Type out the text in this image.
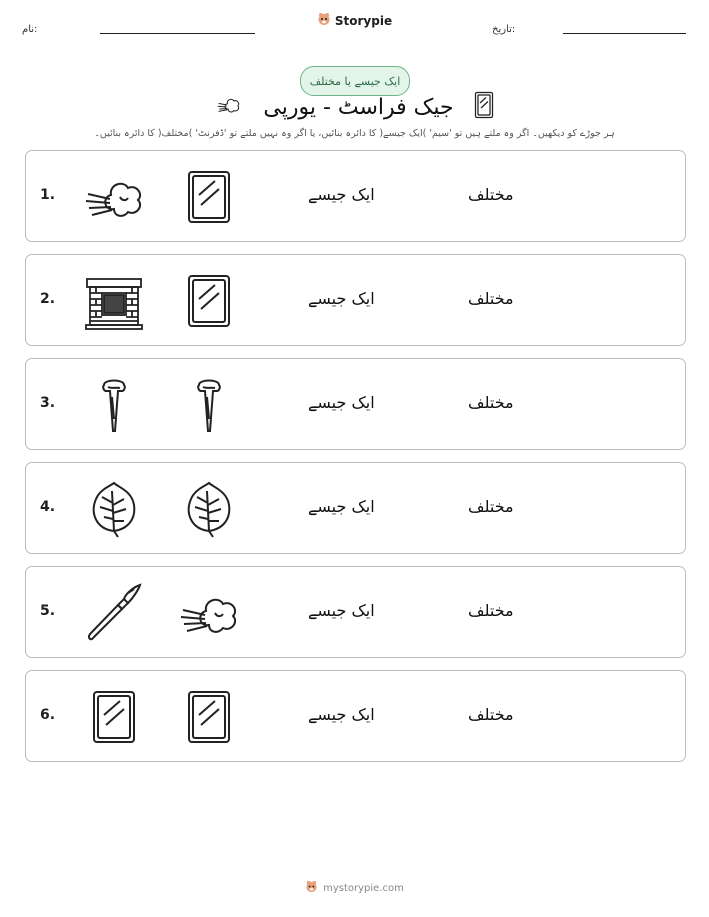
نام:
Storypie
تاریخ:
ایک جیسے یا مختلف
جیک فراسٹ - یورپی
ہر جوڑے کو دیکھیں۔ اگر وہ ملتے ہیں تو 'سیم' )ایک جیسے( کا دائرہ بنائیں، یا اگر وہ نہیں ملتے تو 'ڈفرنٹ' )مختلف( کا دائرہ بنائیں۔
1.	ایک جیسے	مختلف
2.	ایک جیسے	مختلف
3.	ایک جیسے	مختلف
4.	ایک جیسے	مختلف
5.	ایک جیسے	مختلف
6.	ایک جیسے	مختلف
mystorypie.com
